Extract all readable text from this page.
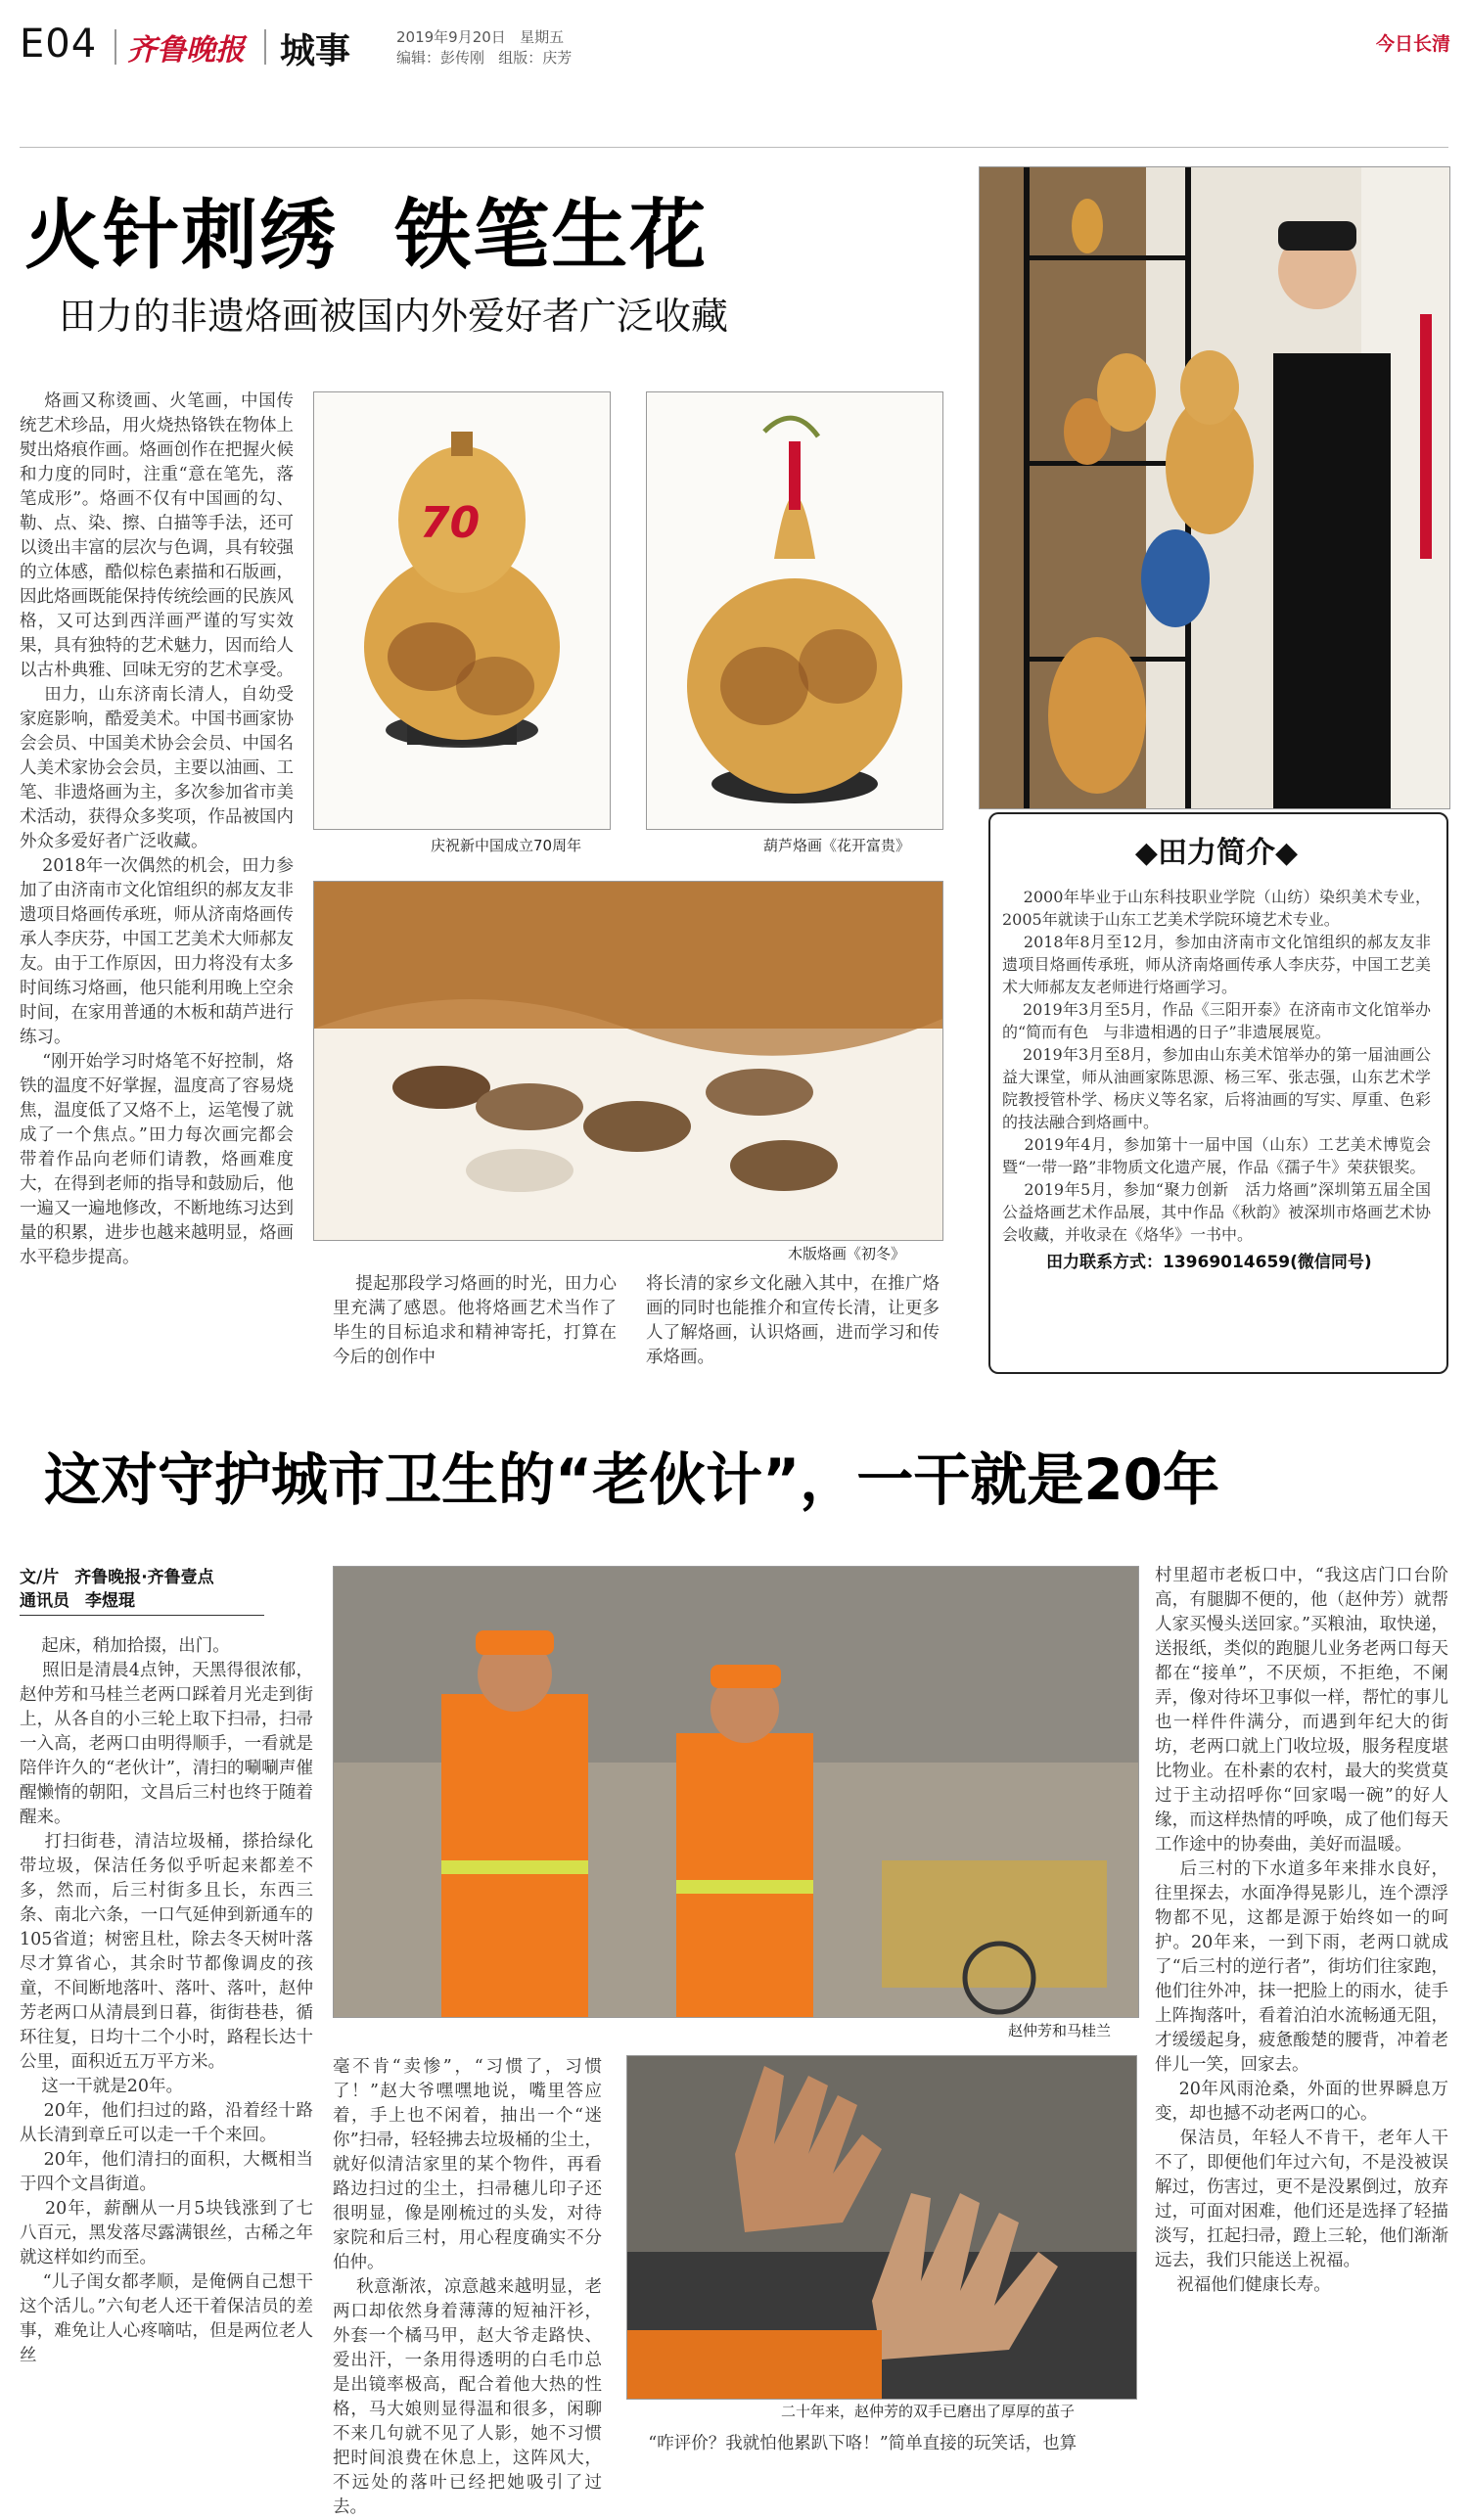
E04 齐鲁晚报 城事	2019年9月20日   星期五
编辑：彭传刚   组版：庆芳
今日长清
火针刺绣  铁笔生花
田力的非遗烙画被国内外爱好者广泛收藏
70
庆祝新中国成立70周年	葫芦烙画《花开富贵》
木版烙画《初冬》
烙画又称烫画、火笔画，中国传统艺术珍品，用火烧热铬铁在物体上熨出烙痕作画。烙画创作在把握火候和力度的同时，注重“意在笔先，落笔成形”。烙画不仅有中国画的勾、勒、点、染、擦、白描等手法，还可以烫出丰富的层次与色调，具有较强的立体感，酷似棕色素描和石版画，因此烙画既能保持传统绘画的民族风格，又可达到西洋画严谨的写实效果，具有独特的艺术魅力，因而给人以古朴典雅、回味无穷的艺术享受。
田力，山东济南长清人，自幼受家庭影响，酷爱美术。中国书画家协会会员、中国美术协会会员、中国名人美术家协会会员，主要以油画、工笔、非遗烙画为主，多次参加省市美术活动，获得众多奖项，作品被国内外众多爱好者广泛收藏。
2018年一次偶然的机会，田力参加了由济南市文化馆组织的郝友友非遗项目烙画传承班，师从济南烙画传承人李庆芬，中国工艺美术大师郝友友。由于工作原因，田力将没有太多时间练习烙画，他只能利用晚上空余时间，在家用普通的木板和葫芦进行练习。
“刚开始学习时烙笔不好控制，烙铁的温度不好掌握，温度高了容易烧焦，温度低了又烙不上，运笔慢了就成了一个焦点。”田力每次画完都会带着作品向老师们请教，烙画难度大，在得到老师的指导和鼓励后，他一遍又一遍地修改，不断地练习达到量的积累，进步也越来越明显，烙画水平稳步提高。
提起那段学习烙画的时光，田力心里充满了感恩。他将烙画艺术当作了毕生的目标追求和精神寄托，打算在今后的创作中
将长清的家乡文化融入其中，在推广烙画的同时也能推介和宣传长清，让更多人了解烙画，认识烙画，进而学习和传承烙画。
◆田力简介◆
2000年毕业于山东科技职业学院（山纺）染织美术专业，2005年就读于山东工艺美术学院环境艺术专业。
2018年8月至12月，参加由济南市文化馆组织的郝友友非遗项目烙画传承班，师从济南烙画传承人李庆芬，中国工艺美术大师郝友友老师进行烙画学习。
2019年3月至5月，作品《三阳开泰》在济南市文化馆举办的“简而有色   与非遗相遇的日子”非遗展展览。
2019年3月至8月，参加由山东美术馆举办的第一届油画公益大课堂，师从油画家陈思源、杨三军、张志强，山东艺术学院教授管朴学、杨庆义等名家，后将油画的写实、厚重、色彩的技法融合到烙画中。
2019年4月，参加第十一届中国（山东）工艺美术博览会暨“一带一路”非物质文化遗产展，作品《孺子牛》荣获银奖。
2019年5月，参加“聚力创新   活力烙画”深圳第五届全国公益烙画艺术作品展，其中作品《秋韵》被深圳市烙画艺术协会收藏，并收录在《烙华》一书中。
田力联系方式：13969014659(微信同号)
这对守护城市卫生的“老伙计”，一干就是20年
文/片 齐鲁晚报·齐鲁壹点
通讯员 李煜琨
起床，稍加拾掇，出门。
照旧是清晨4点钟，天黑得很浓郁，赵仲芳和马桂兰老两口踩着月光走到街上，从各自的小三轮上取下扫帚，扫帚一入高，老两口由明得顺手，一看就是陪伴许久的“老伙计”，清扫的唰唰声催醒懒惰的朝阳，文昌后三村也终于随着醒来。
打扫街巷，清洁垃圾桶，搽拾绿化带垃圾，保洁任务似乎听起来都差不多，然而，后三村街多且长，东西三条、南北六条，一口气延伸到新通车的105省道；树密且杜，除去冬天树叶落尽才算省心，其余时节都像调皮的孩童，不间断地落叶、落叶、落叶，赵仲芳老两口从清晨到日暮，街街巷巷，循环往复，日均十二个小时，路程长达十公里，面积近五万平方米。
这一干就是20年。
20年，他们扫过的路，沿着经十路从长清到章丘可以走一千个来回。
20年，他们清扫的面积，大概相当于四个文昌街道。
20年，薪酬从一月5块钱涨到了七八百元，黑发落尽露满银丝，古稀之年就这样如约而至。
“儿子闺女都孝顺，是俺俩自己想干这个活儿。”六旬老人还干着保洁员的差事，难免让人心疼嘀咕，但是两位老人丝
赵仲芳和马桂兰
毫不肯“卖惨”，“习惯了，习惯了！”赵大爷嘿嘿地说，嘴里答应着，手上也不闲着，抽出一个“迷你”扫帚，轻轻拂去垃圾桶的尘土，就好似清洁家里的某个物件，再看路边扫过的尘土，扫帚穗儿印子还很明显，像是刚梳过的头发，对待家院和后三村，用心程度确实不分伯仲。
秋意渐浓，凉意越来越明显，老两口却依然身着薄薄的短袖汗衫，外套一个橘马甲，赵大爷走路快、爱出汗，一条用得透明的白毛巾总是出镜率极高，配合着他大热的性格，马大娘则显得温和很多，闲聊不来几句就不见了人影，她不习惯把时间浪费在休息上，这阵风大，不远处的落叶已经把她吸引了过去。
二十年来，赵仲芳的双手已磨出了厚厚的茧子
“咋评价？我就怕他累趴下咯！”简单直接的玩笑话，也算
村里超市老板口中，“我这店门口台阶高，有腿脚不便的，他（赵仲芳）就帮人家买慢头送回家。”买粮油，取快递，送报纸，类似的跑腿儿业务老两口每天都在“接单”，不厌烦，不拒绝，不阑弄，像对待坏卫事似一样，帮忙的事儿也一样件件满分，而遇到年纪大的街坊，老两口就上门收垃圾，服务程度堪比物业。在朴素的农村，最大的奖赏莫过于主动招呼你“回家喝一碗”的好人缘，而这样热情的呼唤，成了他们每天工作途中的协奏曲，美好而温暖。
后三村的下水道多年来排水良好，往里探去，水面净得晃影儿，连个漂浮物都不见，这都是源于始终如一的呵护。20年来，一到下雨，老两口就成了“后三村的逆行者”，街坊们往家跑，他们往外冲，抹一把脸上的雨水，徒手上阵掏落叶，看着泊泊水流畅通无阻，才缓缓起身，疲惫酸楚的腰背，冲着老伴儿一笑，回家去。
20年风雨沧桑，外面的世界瞬息万变，却也撼不动老两口的心。
保洁员，年轻人不肯干，老年人干不了，即便他们年过六旬，不是没被误解过，伤害过，更不是没累倒过，放弃过，可面对困难，他们还是选择了轻描淡写，扛起扫帚，蹬上三轮，他们渐渐远去，我们只能送上祝福。
祝福他们健康长寿。
